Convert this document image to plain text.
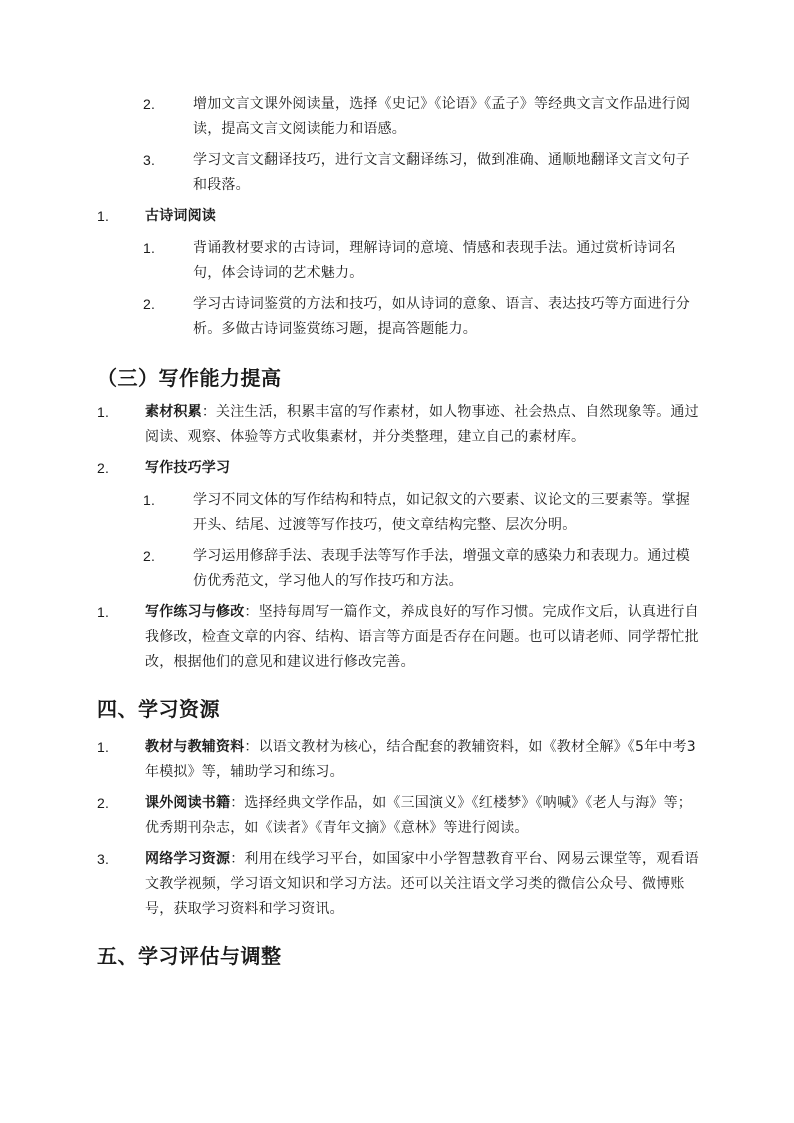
2.	增加文言文课外阅读量，选择《史记》《论语》《孟子》等经典文言文作品进行阅读，提高文言文阅读能力和语感。
3.	学习文言文翻译技巧，进行文言文翻译练习，做到准确、通顺地翻译文言文句子和段落。
1.	古诗词阅读
1.	背诵教材要求的古诗词，理解诗词的意境、情感和表现手法。通过赏析诗词名句，体会诗词的艺术魅力。
2.	学习古诗词鉴赏的方法和技巧，如从诗词的意象、语言、表达技巧等方面进行分析。多做古诗词鉴赏练习题，提高答题能力。
（三）写作能力提高
1.	素材积累：关注生活，积累丰富的写作素材，如人物事迹、社会热点、自然现象等。通过阅读、观察、体验等方式收集素材，并分类整理，建立自己的素材库。
2.	写作技巧学习
1.	学习不同文体的写作结构和特点，如记叙文的六要素、议论文的三要素等。掌握开头、结尾、过渡等写作技巧，使文章结构完整、层次分明。
2.	学习运用修辞手法、表现手法等写作手法，增强文章的感染力和表现力。通过模仿优秀范文，学习他人的写作技巧和方法。
1.	写作练习与修改：坚持每周写一篇作文，养成良好的写作习惯。完成作文后，认真进行自我修改，检查文章的内容、结构、语言等方面是否存在问题。也可以请老师、同学帮忙批改，根据他们的意见和建议进行修改完善。
四、学习资源
1.	教材与教辅资料：以语文教材为核心，结合配套的教辅资料，如《教材全解》《5年中考3年模拟》等，辅助学习和练习。
2.	课外阅读书籍：选择经典文学作品，如《三国演义》《红楼梦》《呐喊》《老人与海》等；优秀期刊杂志，如《读者》《青年文摘》《意林》等进行阅读。
3.	网络学习资源：利用在线学习平台，如国家中小学智慧教育平台、网易云课堂等，观看语文教学视频，学习语文知识和学习方法。还可以关注语文学习类的微信公众号、微博账号，获取学习资料和学习资讯。
五、学习评估与调整
